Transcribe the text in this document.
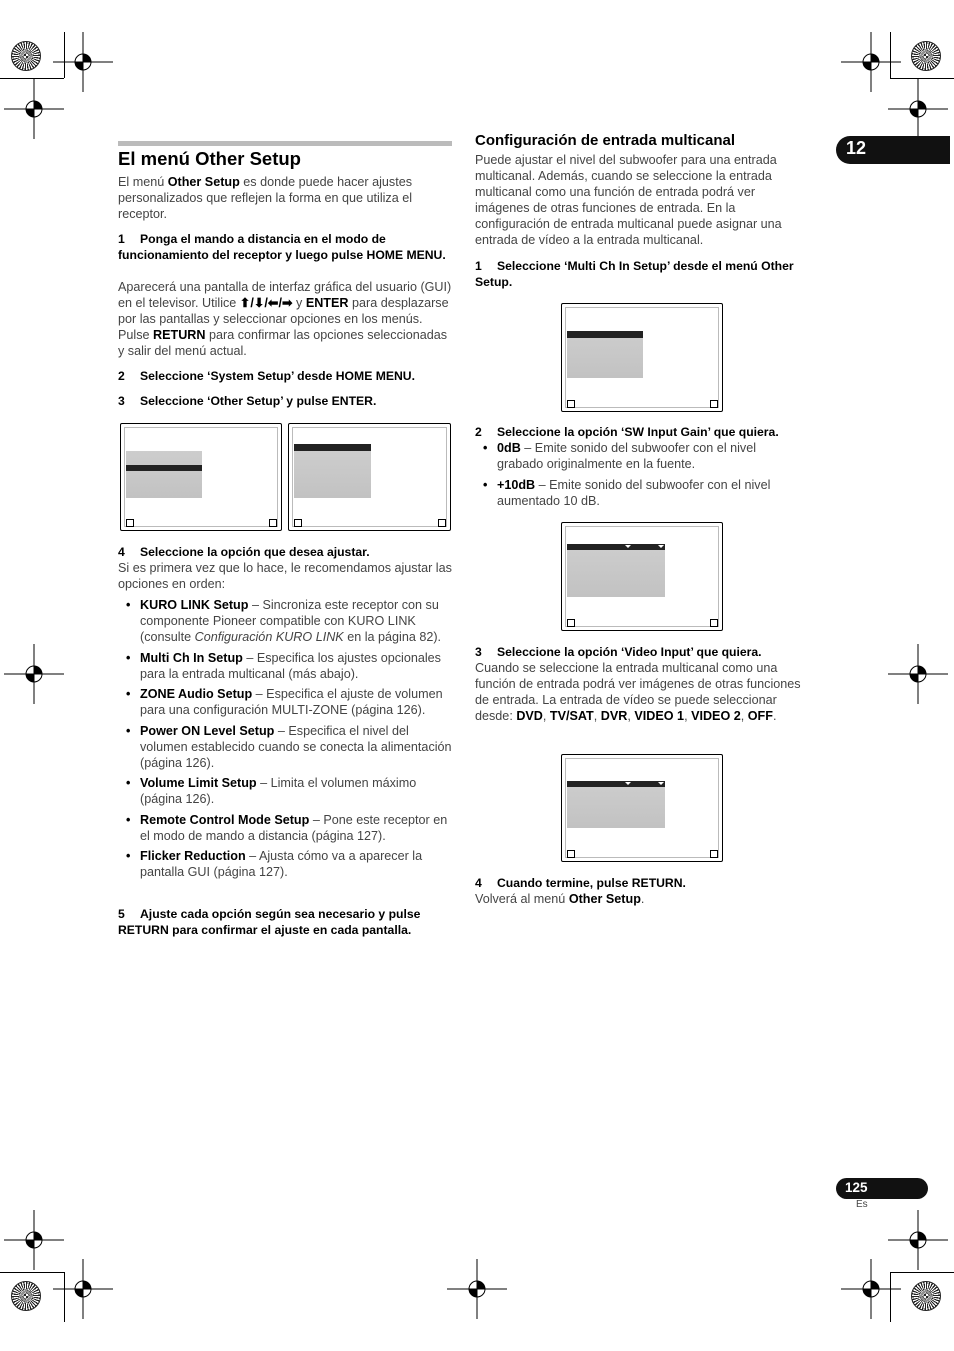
12
El menú Other Setup

El menú Other Setup es donde puede hacer ajustes personalizados que reflejen la forma en que utiliza el receptor.

1 Ponga el mando a distancia en el modo de funcionamiento del receptor y luego pulse HOME MENU.

Aparecerá una pantalla de interfaz gráfica del usuario (GUI) en el televisor. Utilice ⬆/⬇/⬅/➡ y ENTER para desplazarse por las pantallas y seleccionar opciones en los menús. Pulse RETURN para confirmar las opciones seleccionadas y salir del menú actual.

2 Seleccione ‘System Setup’ desde HOME MENU.

3 Seleccione ‘Other Setup’ y pulse ENTER.

4 Seleccione la opción que desea ajustar.

Si es primera vez que lo hace, le recomendamos ajustar las opciones en orden:

• KURO LINK Setup – Sincroniza este receptor con su componente Pioneer compatible con KURO LINK (consulte Configuración KURO LINK en la página 82).
• Multi Ch In Setup – Especifica los ajustes opcionales para la entrada multicanal (más abajo).
• ZONE Audio Setup – Especifica el ajuste de volumen para una configuración MULTI-ZONE (página 126).
• Power ON Level Setup – Especifica el nivel del volumen establecido cuando se conecta la alimentación (página 126).
• Volume Limit Setup – Limita el volumen máximo (página 126).
• Remote Control Mode Setup – Pone este receptor en el modo de mando a distancia (página 127).
• Flicker Reduction – Ajusta cómo va a aparecer la pantalla GUI (página 127).

5 Ajuste cada opción según sea necesario y pulse RETURN para confirmar el ajuste en cada pantalla.

Configuración de entrada multicanal

Puede ajustar el nivel del subwoofer para una entrada multicanal. Además, cuando se seleccione la entrada multicanal como una función de entrada podrá ver imágenes de otras funciones de entrada. En la configuración de entrada multicanal puede asignar una entrada de vídeo a la entrada multicanal.

1 Seleccione ‘Multi Ch In Setup’ desde el menú Other Setup.

2 Seleccione la opción ‘SW Input Gain’ que quiera.

• 0dB – Emite sonido del subwoofer con el nivel grabado originalmente en la fuente.
• +10dB – Emite sonido del subwoofer con el nivel aumentado 10 dB.

3 Seleccione la opción ‘Video Input’ que quiera.

Cuando se seleccione la entrada multicanal como una función de entrada podrá ver imágenes de otras funciones de entrada. La entrada de vídeo se puede seleccionar desde: DVD, TV/SAT, DVR, VIDEO 1, VIDEO 2, OFF.

4 Cuando termine, pulse RETURN.

Volverá al menú Other Setup.

125
Es
